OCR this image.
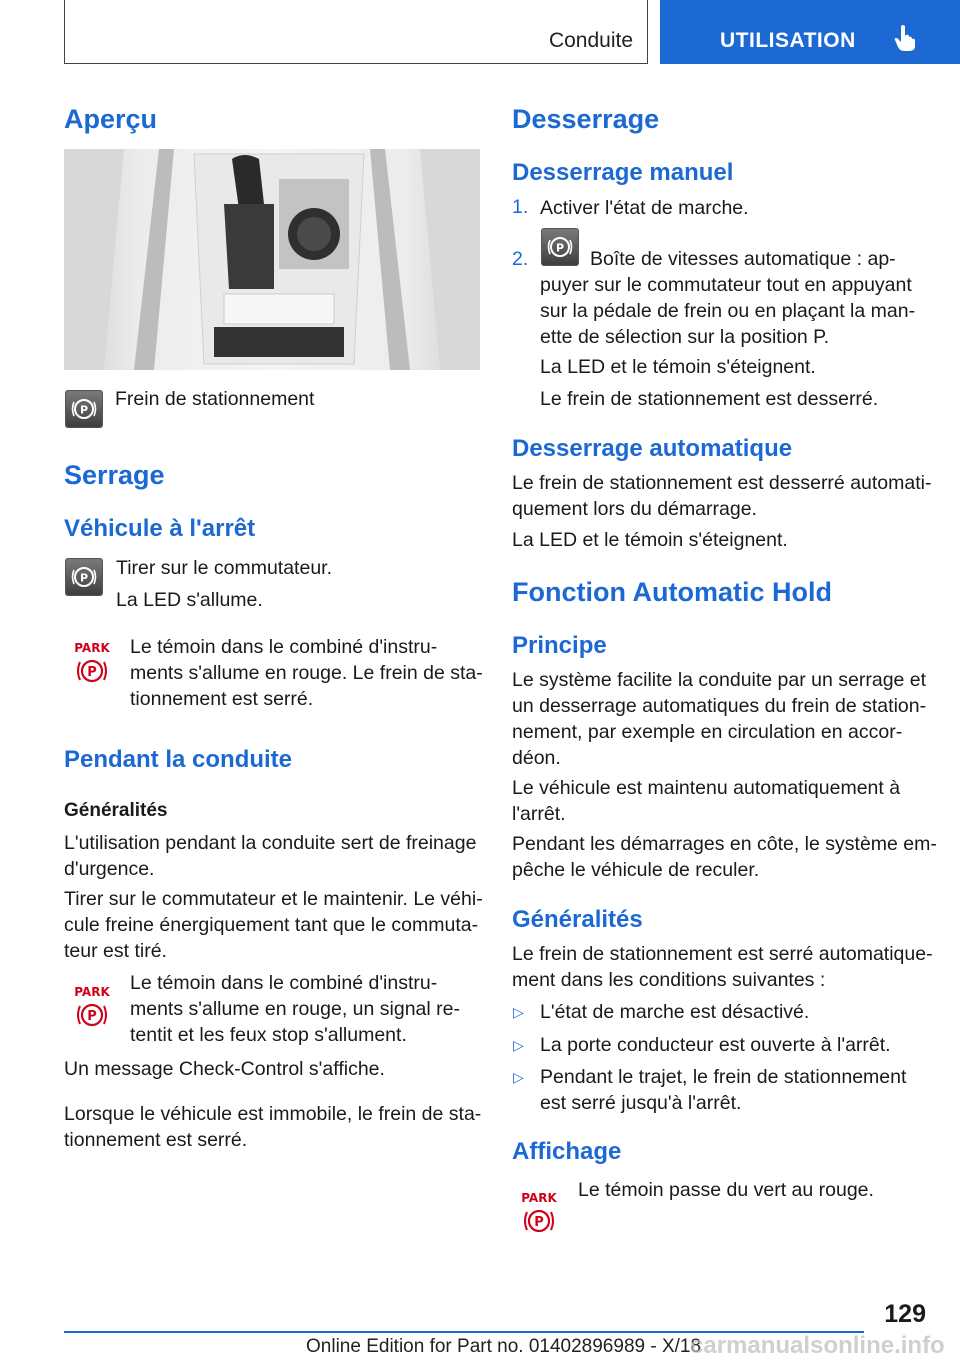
Conduite	UTILISATION
Aperçu
P Frein de stationnement

Serrage
Véhicule à l'arrêt
P Tirer sur le commutateur.

La LED s'allume.

PARK
P

Le témoin dans le combiné d'instru-

ments s'allume en rouge. Le frein de sta-

tionnement est serré.

Pendant la conduite
Généralités

L'utilisation pendant la conduite sert de freinage

d'urgence.

Tirer sur le commutateur et le maintenir. Le véhi-

cule freine énergiquement tant que le commuta-

teur est tiré.

PARK
P

Le témoin dans le combiné d'instru-

ments s'allume en rouge, un signal re-

tentit et les feux stop s'allument.

Un message Check-Control s'affiche.

Lorsque le véhicule est immobile, le frein de sta-

tionnement est serré.

Desserrage
Desserrage manuel
1. Activer l'état de marche.

2.	P Boîte de vitesses automatique : ap-

puyer sur le commutateur tout en appuyant

sur la pédale de frein ou en plaçant la man-

ette de sélection sur la position P.

La LED et le témoin s'éteignent.

Le frein de stationnement est desserré.

Desserrage automatique

Le frein de stationnement est desserré automati-

quement lors du démarrage.

La LED et le témoin s'éteignent.

Fonction Automatic Hold
Principe

Le système facilite la conduite par un serrage et

un desserrage automatiques du frein de station-

nement, par exemple en circulation en accor-

déon.

Le véhicule est maintenu automatiquement à

l'arrêt.

Pendant les démarrages en côte, le système em-

pêche le véhicule de reculer.

Généralités

Le frein de stationnement est serré automatique-

ment dans les conditions suivantes :

▷ L'état de marche est désactivé.

▷ La porte conducteur est ouverte à l'arrêt.

▷ Pendant le trajet, le frein de stationnement

est serré jusqu'à l'arrêt.

Affichage
PARK
P

Le témoin passe du vert au rouge.

129
Online Edition for Part no. 01402896989 - X/18
carmanualsonline.info
